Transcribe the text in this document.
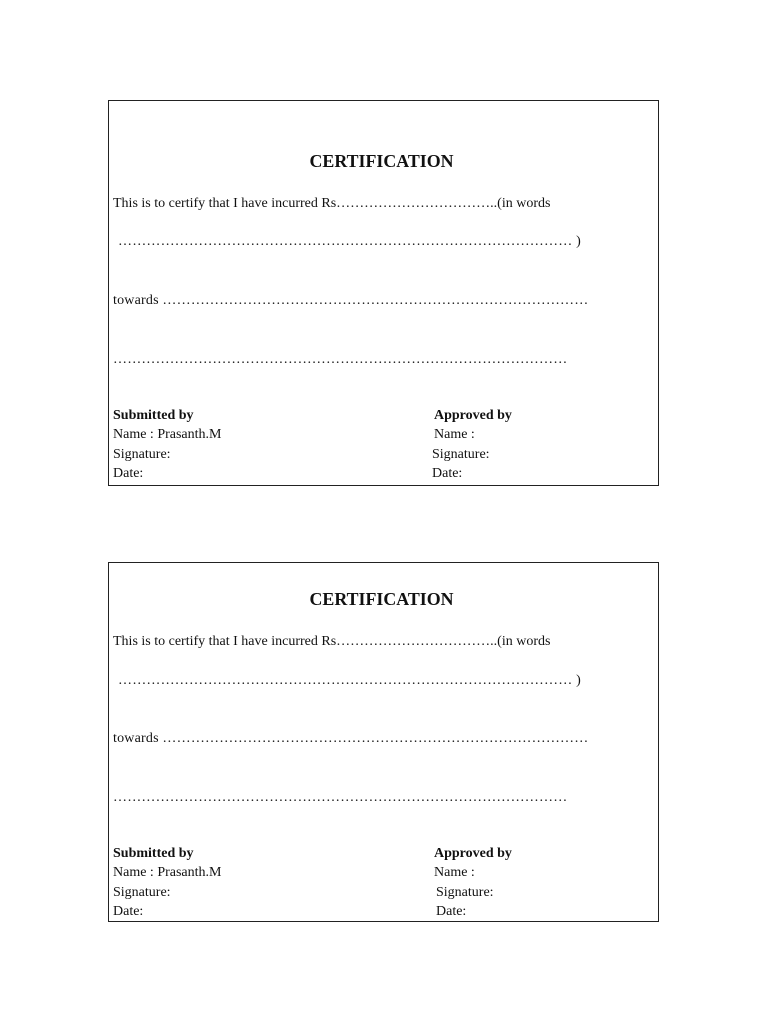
CERTIFICATION
This is to certify that I have incurred Rs……………………………..(in words
…………………………………………………………………………………… )
towards ………………………………………………………………………………
……………………………………………………………………………………
Submitted by
Name : Prasanth.M
Signature:
Date:
Approved by
Name :
Signature:
Date:
CERTIFICATION
This is to certify that I have incurred Rs……………………………..(in words
…………………………………………………………………………………… )
towards ………………………………………………………………………………
……………………………………………………………………………………
Submitted by
Name : Prasanth.M
Signature:
Date:
Approved by
Name :
Signature:
Date:
